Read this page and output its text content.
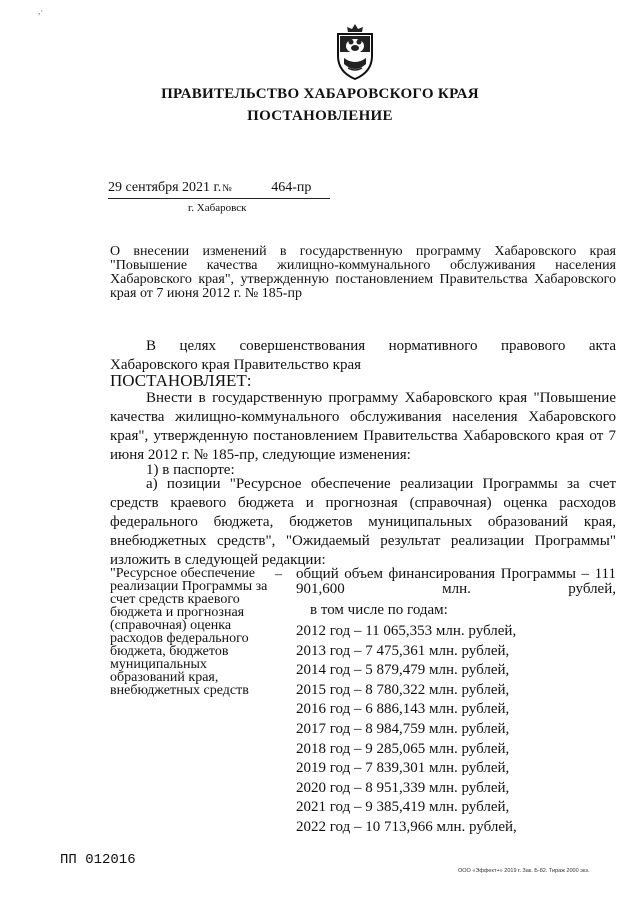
,·
ПРАВИТЕЛЬСТВО ХАБАРОВСКОГО КРАЯ
ПОСТАНОВЛЕНИЕ
29 сентября 2021 г.№	464-пр
г. Хабаровск
О внесении изменений в государственную программу Хабаровского края "Повышение качества жилищно-коммунального обслуживания населения Хабаровского края", утвержденную постановлением Правительства Хабаровского края от 7 июня 2012 г. № 185-пр
В целях совершенствования нормативного правового акта
Хабаровского края Правительство края
ПОСТАНОВЛЯЕТ:
Внести в государственную программу Хабаровского края "Повышение качества жилищно-коммунального обслуживания населения Хабаровского края", утвержденную постановлением Правительства Хабаровского края от 7 июня 2012 г. № 185-пр, следующие изменения:
1) в паспорте:
а) позиции "Ресурсное обеспечение реализации Программы за счет средств краевого бюджета и прогнозная (справочная) оценка расходов федерального бюджета, бюджетов муниципальных образований края, внебюджетных средств", "Ожидаемый результат реализации Программы"
изложить в следующей редакции:
"Ресурсное обеспечение реализации Программы за счет средств краевого бюджета и прогнозная (справочная) оценка расходов федерального бюджета, бюджетов муниципальных образований края, внебюджетных средств
– общий объем финансирования Программы – 111 901,600 млн. рублей,
в том числе по годам:
2012 год – 11 065,353 млн. рублей,
2013 год – 7 475,361 млн. рублей,
2014 год – 5 879,479 млн. рублей,
2015 год – 8 780,322 млн. рублей,
2016 год – 6 886,143 млн. рублей,
2017 год – 8 984,759 млн. рублей,
2018 год – 9 285,065 млн. рублей,
2019 год – 7 839,301 млн. рублей,
2020 год – 8 951,339 млн. рублей,
2021 год – 9 385,419 млн. рублей,
2022 год – 10 713,966 млн. рублей,
ПП 012016
ООО «Эффект+» 2019 г. Зак. Б-82. Тираж 2000 экз.
